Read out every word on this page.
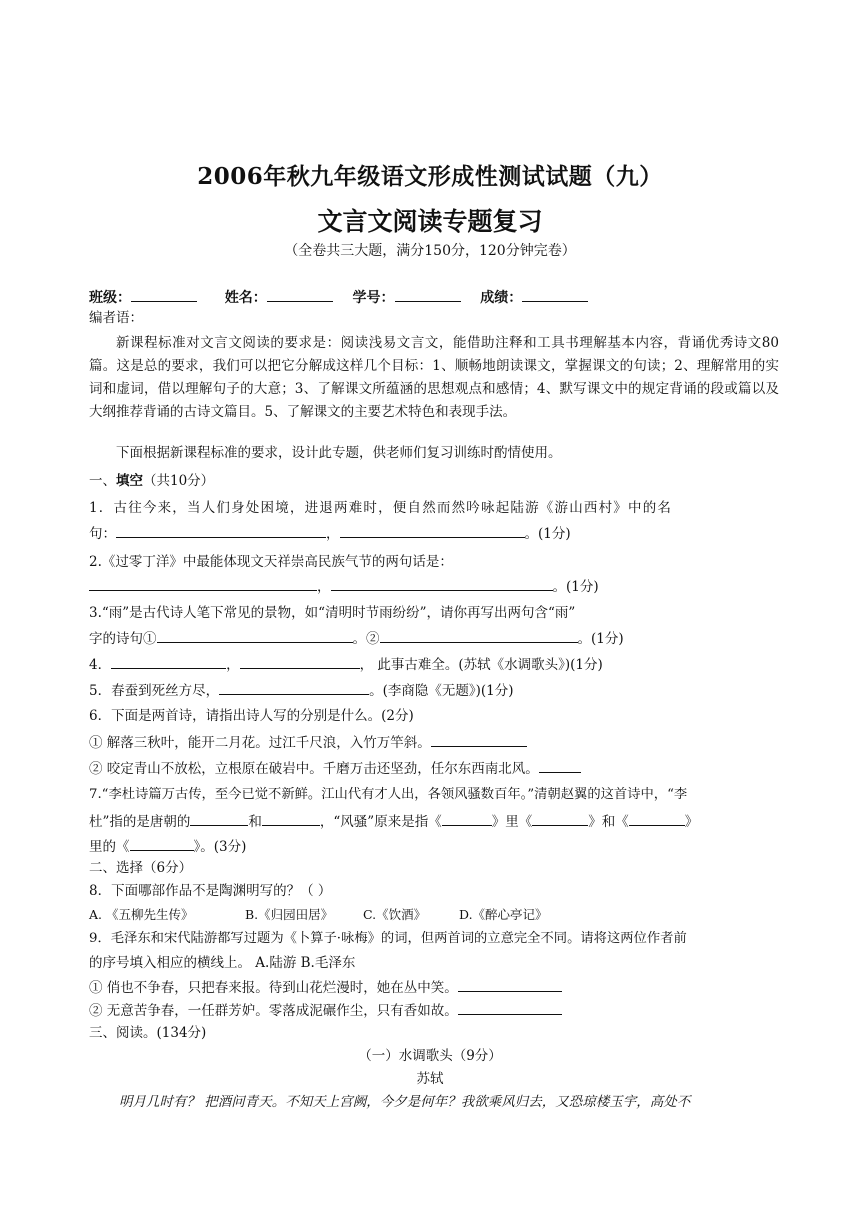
2006年秋九年级语文形成性测试试题（九）
文言文阅读专题复习
（全卷共三大题，满分150分，120分钟完卷）
班级：	姓名：	学号：	成绩：
编者语：
新课程标准对文言文阅读的要求是：阅读浅易文言文，能借助注释和工具书理解基本内容，背诵优秀诗文80篇。这是总的要求，我们可以把它分解成这样几个目标：1、顺畅地朗读课文，掌握课文的句读；2、理解常用的实词和虚词，借以理解句子的大意；3、了解课文所蕴涵的思想观点和感情；4、默写课文中的规定背诵的段或篇以及大纲推荐背诵的古诗文篇目。5、了解课文的主要艺术特色和表现手法。
下面根据新课程标准的要求，设计此专题，供老师们复习训练时酌情使用。
一、填空（共10分）
1．古往今来，当人们身处困境，进退两难时，便自然而然吟咏起陆游《游山西村》中的名
句：	，	。(1分)
2.《过零丁洋》中最能体现文天祥崇高民族气节的两句话是：
，	。(1分)
3.“雨”是古代诗人笔下常见的景物，如“清明时节雨纷纷”，请你再写出两句含“雨”
字的诗句①	。②	。(1分)
4．	，	， 此事古难全。(苏轼《水调歌头》)(1分)
5．春蚕到死丝方尽，	。(李商隐《无题》)(1分)
6．下面是两首诗，请指出诗人写的分别是什么。(2分)
① 解落三秋叶，能开二月花。过江千尺浪，入竹万竿斜。
② 咬定青山不放松，立根原在破岩中。千磨万击还坚劲，任尔东西南北风。
7.“李杜诗篇万古传，至今已觉不新鲜。江山代有才人出，各领风骚数百年。”清朝赵翼的这首诗中，“李
杜”指的是唐朝的	和	，“风骚”原来是指《	》里《	》和《	》
里的《	》。(3分)
二、选择（6分）
8．下面哪部作品不是陶渊明写的？（ ）
A. 《五柳先生传》	B.《归园田居》 C.《饮酒》	D.《醉心亭记》
9．毛泽东和宋代陆游都写过题为《卜算子·咏梅》的词，但两首词的立意完全不同。请将这两位作者前
的序号填入相应的横线上。 A.陆游 B.毛泽东
① 俏也不争春，只把春来报。待到山花烂漫时，她在丛中笑。
② 无意苦争春，一任群芳妒。零落成泥碾作尘，只有香如故。
三、阅读。(134分)
（一）水调歌头（9分）
苏轼
明月几时有？ 把酒问青天。不知天上宫阙，今夕是何年？我欲乘风归去，又恐琼楼玉宇，高处不
